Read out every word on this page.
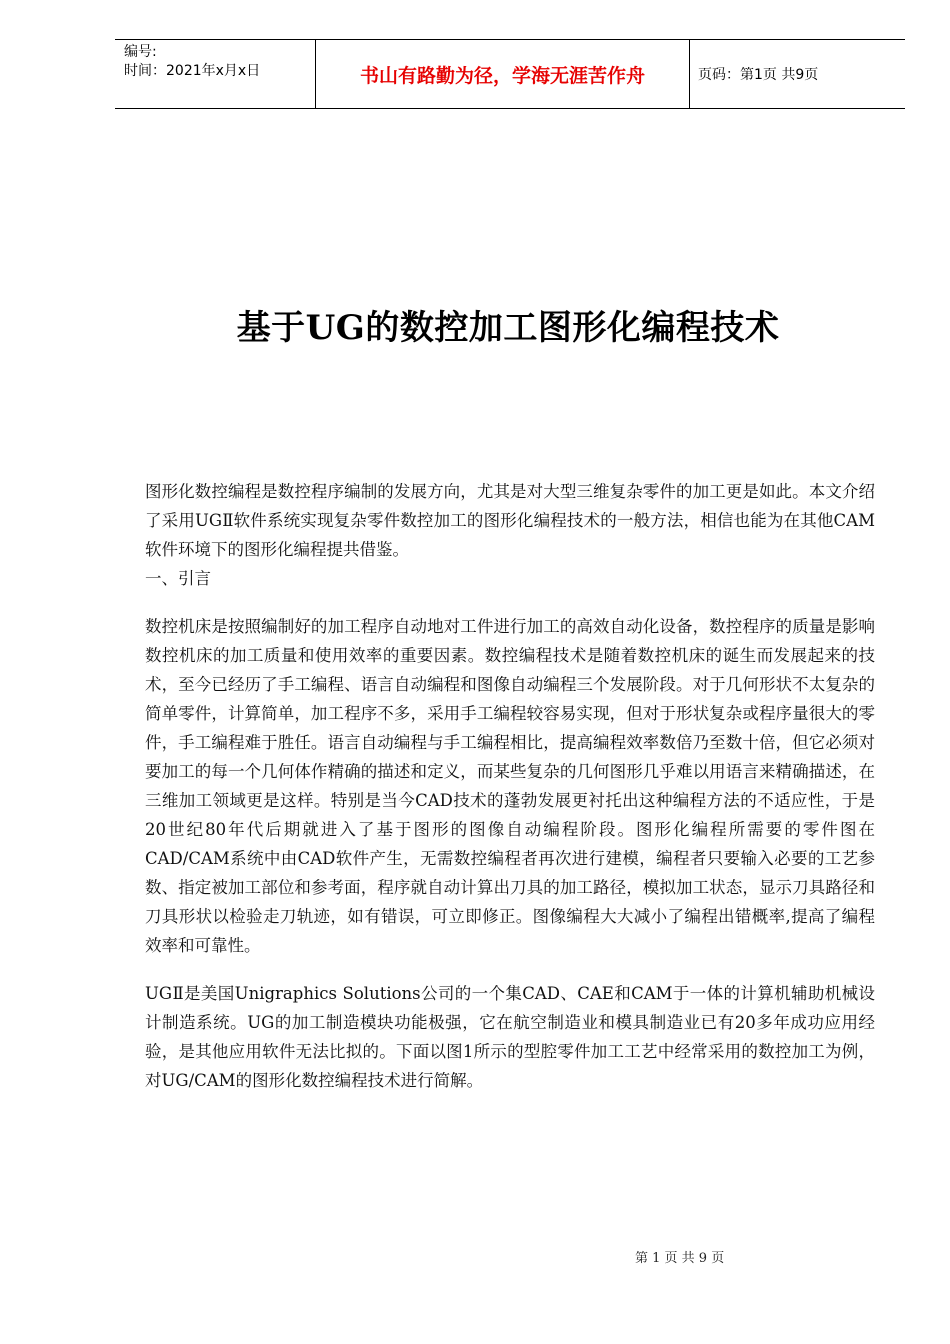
编号:
时间：2021年x月x日	书山有路勤为径，学海无涯苦作舟	页码：第1页 共9页
基于UG的数控加工图形化编程技术

图形化数控编程是数控程序编制的发展方向，尤其是对大型三维复杂零件的加工更是如此。本文介绍了采用UGⅡ软件系统实现复杂零件数控加工的图形化编程技术的一般方法，相信也能为在其他CAM软件环境下的图形化编程提共借鉴。

一、引言

数控机床是按照编制好的加工程序自动地对工件进行加工的高效自动化设备，数控程序的质量是影响数控机床的加工质量和使用效率的重要因素。数控编程技术是随着数控机床的诞生而发展起来的技术，至今已经历了手工编程、语言自动编程和图像自动编程三个发展阶段。对于几何形状不太复杂的简单零件，计算简单，加工程序不多，采用手工编程较容易实现，但对于形状复杂或程序量很大的零件，手工编程难于胜任。语言自动编程与手工编程相比，提高编程效率数倍乃至数十倍，但它必须对要加工的每一个几何体作精确的描述和定义，而某些复杂的几何图形几乎难以用语言来精确描述，在三维加工领域更是这样。特别是当今CAD技术的蓬勃发展更衬托出这种编程方法的不适应性，于是20世纪80年代后期就进入了基于图形的图像自动编程阶段。图形化编程所需要的零件图在CAD/CAM系统中由CAD软件产生，无需数控编程者再次进行建模，编程者只要输入必要的工艺参数、指定被加工部位和参考面，程序就自动计算出刀具的加工路径，模拟加工状态，显示刀具路径和刀具形状以检验走刀轨迹，如有错误，可立即修正。图像编程大大减小了编程出错概率,提高了编程效率和可靠性。

UGⅡ是美国Unigraphics Solutions公司的一个集CAD、CAE和CAM于一体的计算机辅助机械设计制造系统。UG的加工制造模块功能极强，它在航空制造业和模具制造业已有20多年成功应用经验，是其他应用软件无法比拟的。下面以图1所示的型腔零件加工工艺中经常采用的数控加工为例，对UG/CAM的图形化数控编程技术进行简解。

第 1 页 共 9 页
